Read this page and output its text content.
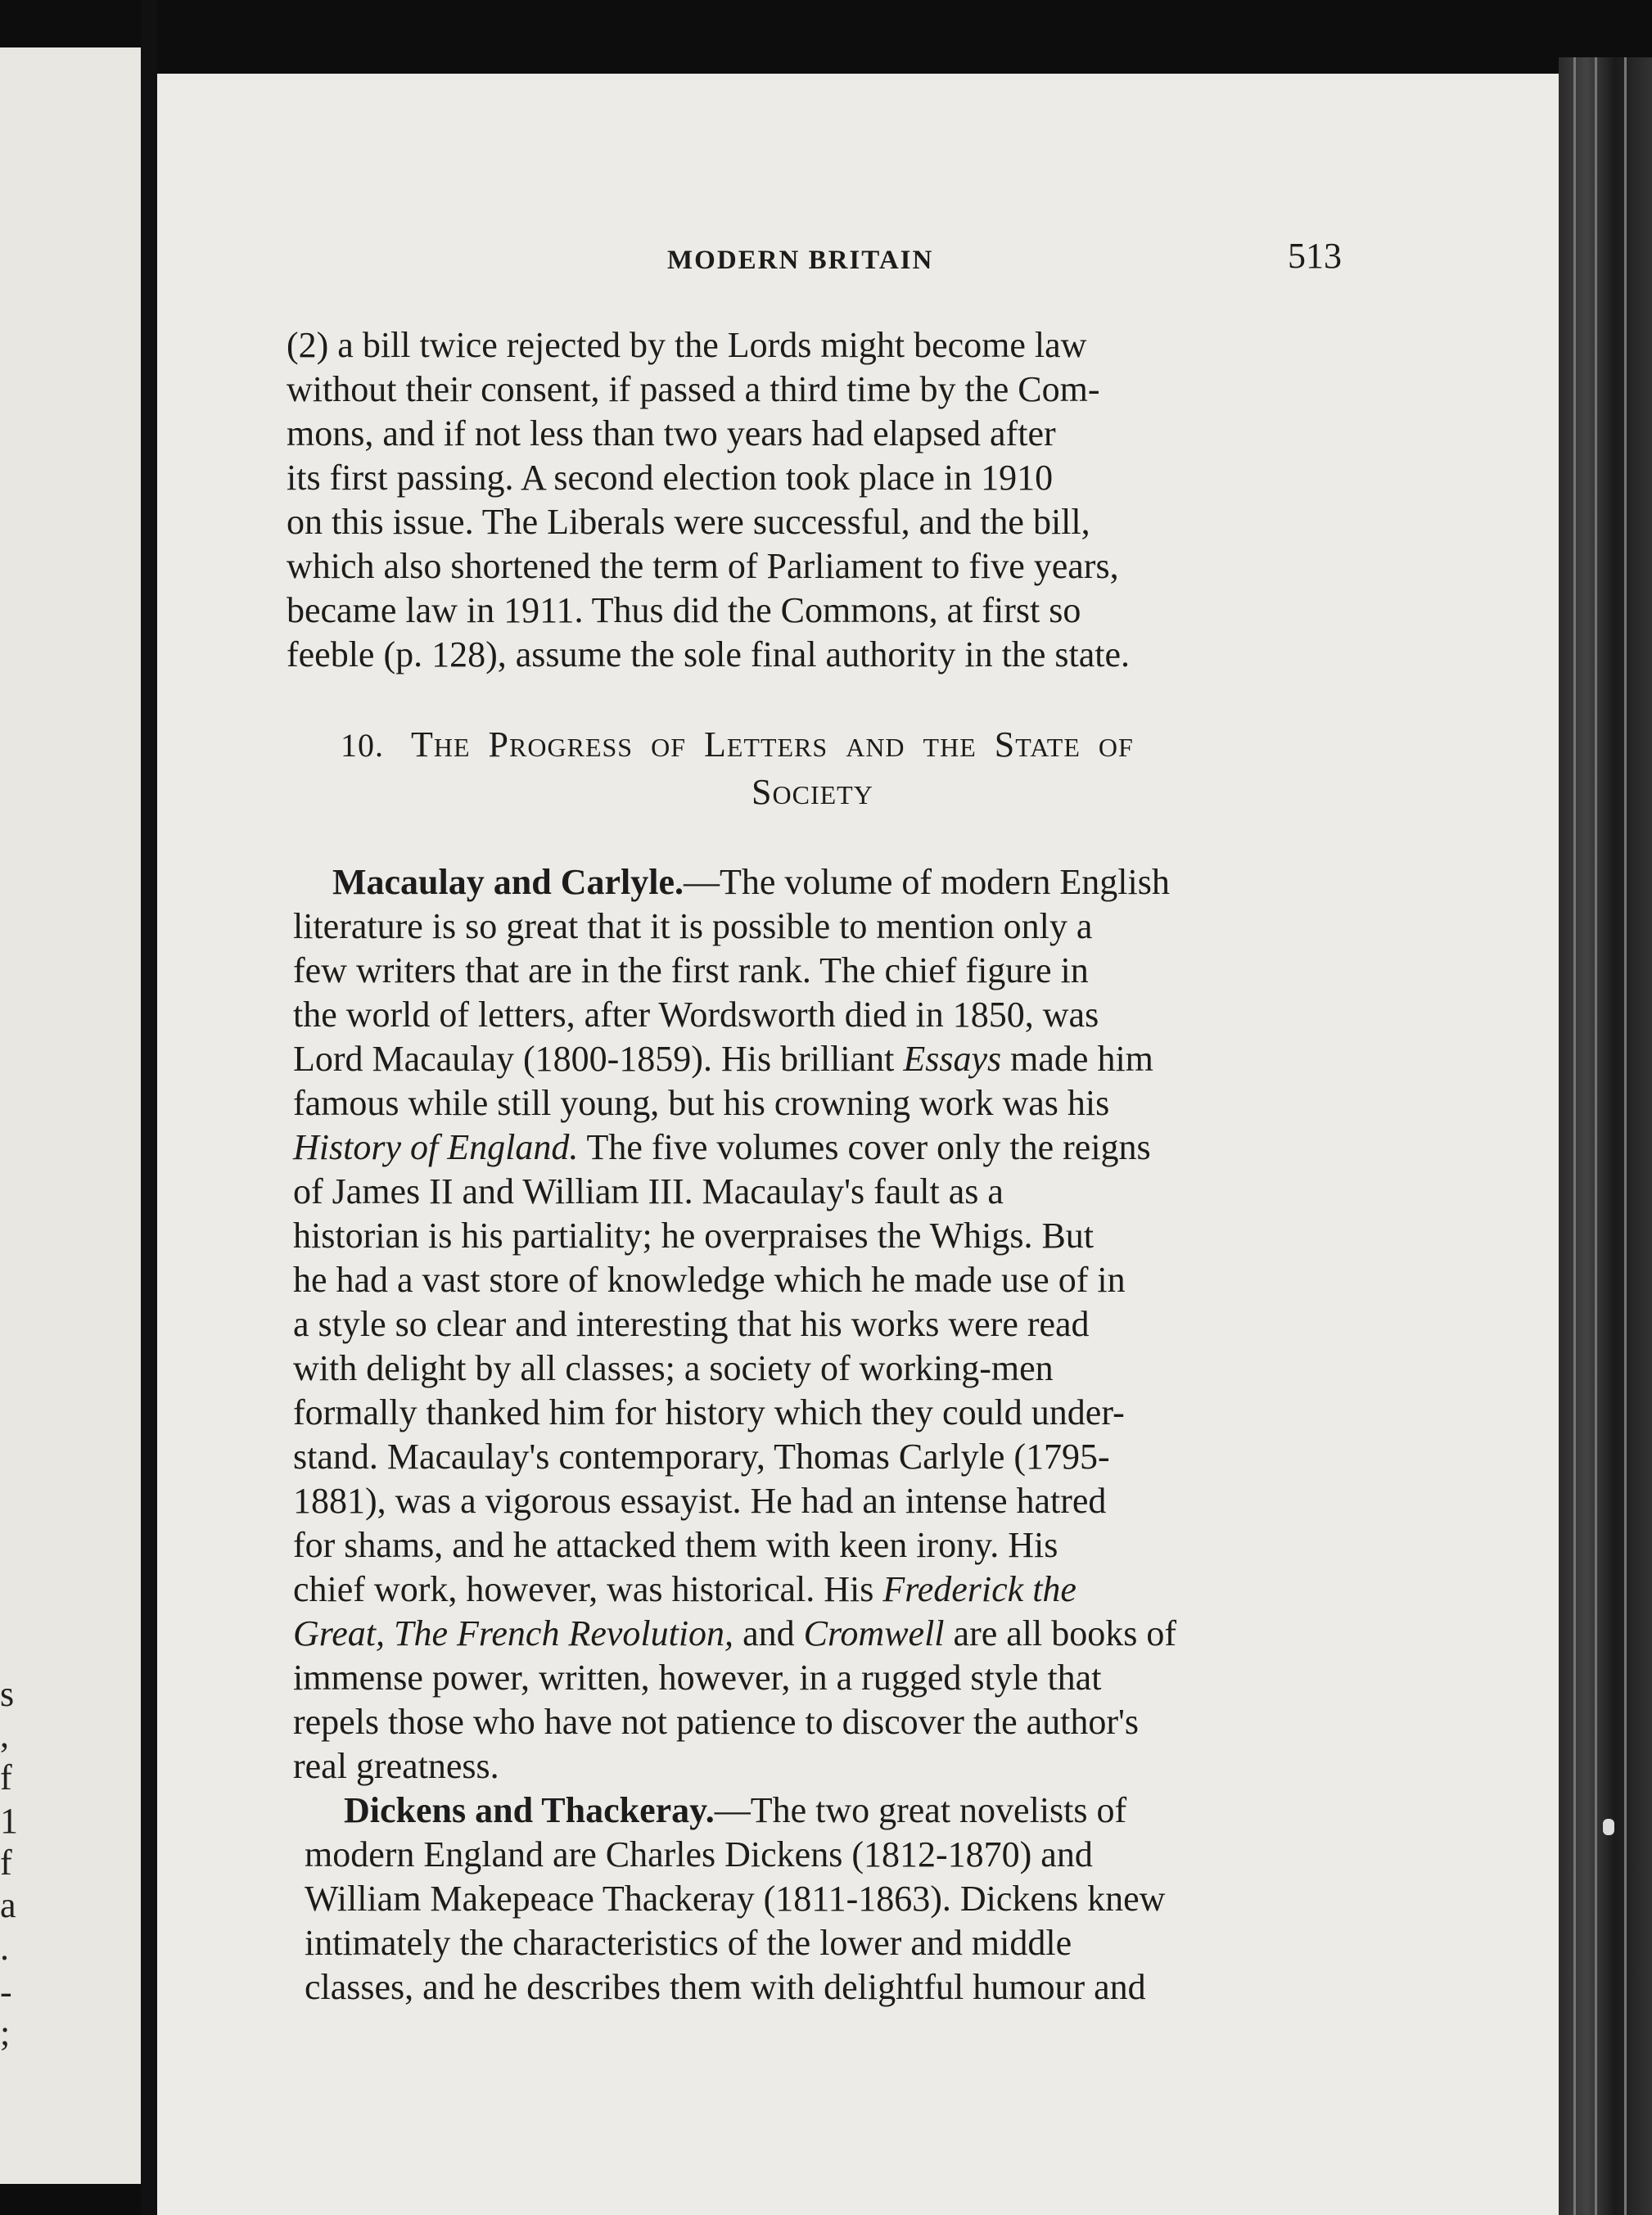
s
,
f
1
f
a
.
-
;
MODERN BRITAIN	513
(2) a bill twice rejected by the Lords might become law
without their consent, if passed a third time by the Com-
mons, and if not less than two years had elapsed after
its first passing. A second election took place in 1910
on this issue. The Liberals were successful, and the bill,
which also shortened the term of Parliament to five years,
became law in 1911. Thus did the Commons, at first so
feeble (p. 128), assume the sole final authority in the state.
10. THE PROGRESS OF LETTERS AND THE STATE OF
SOCIETY
Macaulay and Carlyle.—The volume of modern English
literature is so great that it is possible to mention only a
few writers that are in the first rank. The chief figure in
the world of letters, after Wordsworth died in 1850, was
Lord Macaulay (1800-1859). His brilliant Essays made him
famous while still young, but his crowning work was his
History of England. The five volumes cover only the reigns
of James II and William III. Macaulay's fault as a
historian is his partiality; he overpraises the Whigs. But
he had a vast store of knowledge which he made use of in
a style so clear and interesting that his works were read
with delight by all classes; a society of working-men
formally thanked him for history which they could under-
stand. Macaulay's contemporary, Thomas Carlyle (1795-
1881), was a vigorous essayist. He had an intense hatred
for shams, and he attacked them with keen irony. His
chief work, however, was historical. His Frederick the
Great, The French Revolution, and Cromwell are all books of
immense power, written, however, in a rugged style that
repels those who have not patience to discover the author's
real greatness.
Dickens and Thackeray.—The two great novelists of
modern England are Charles Dickens (1812-1870) and
William Makepeace Thackeray (1811-1863). Dickens knew
intimately the characteristics of the lower and middle
classes, and he describes them with delightful humour and
